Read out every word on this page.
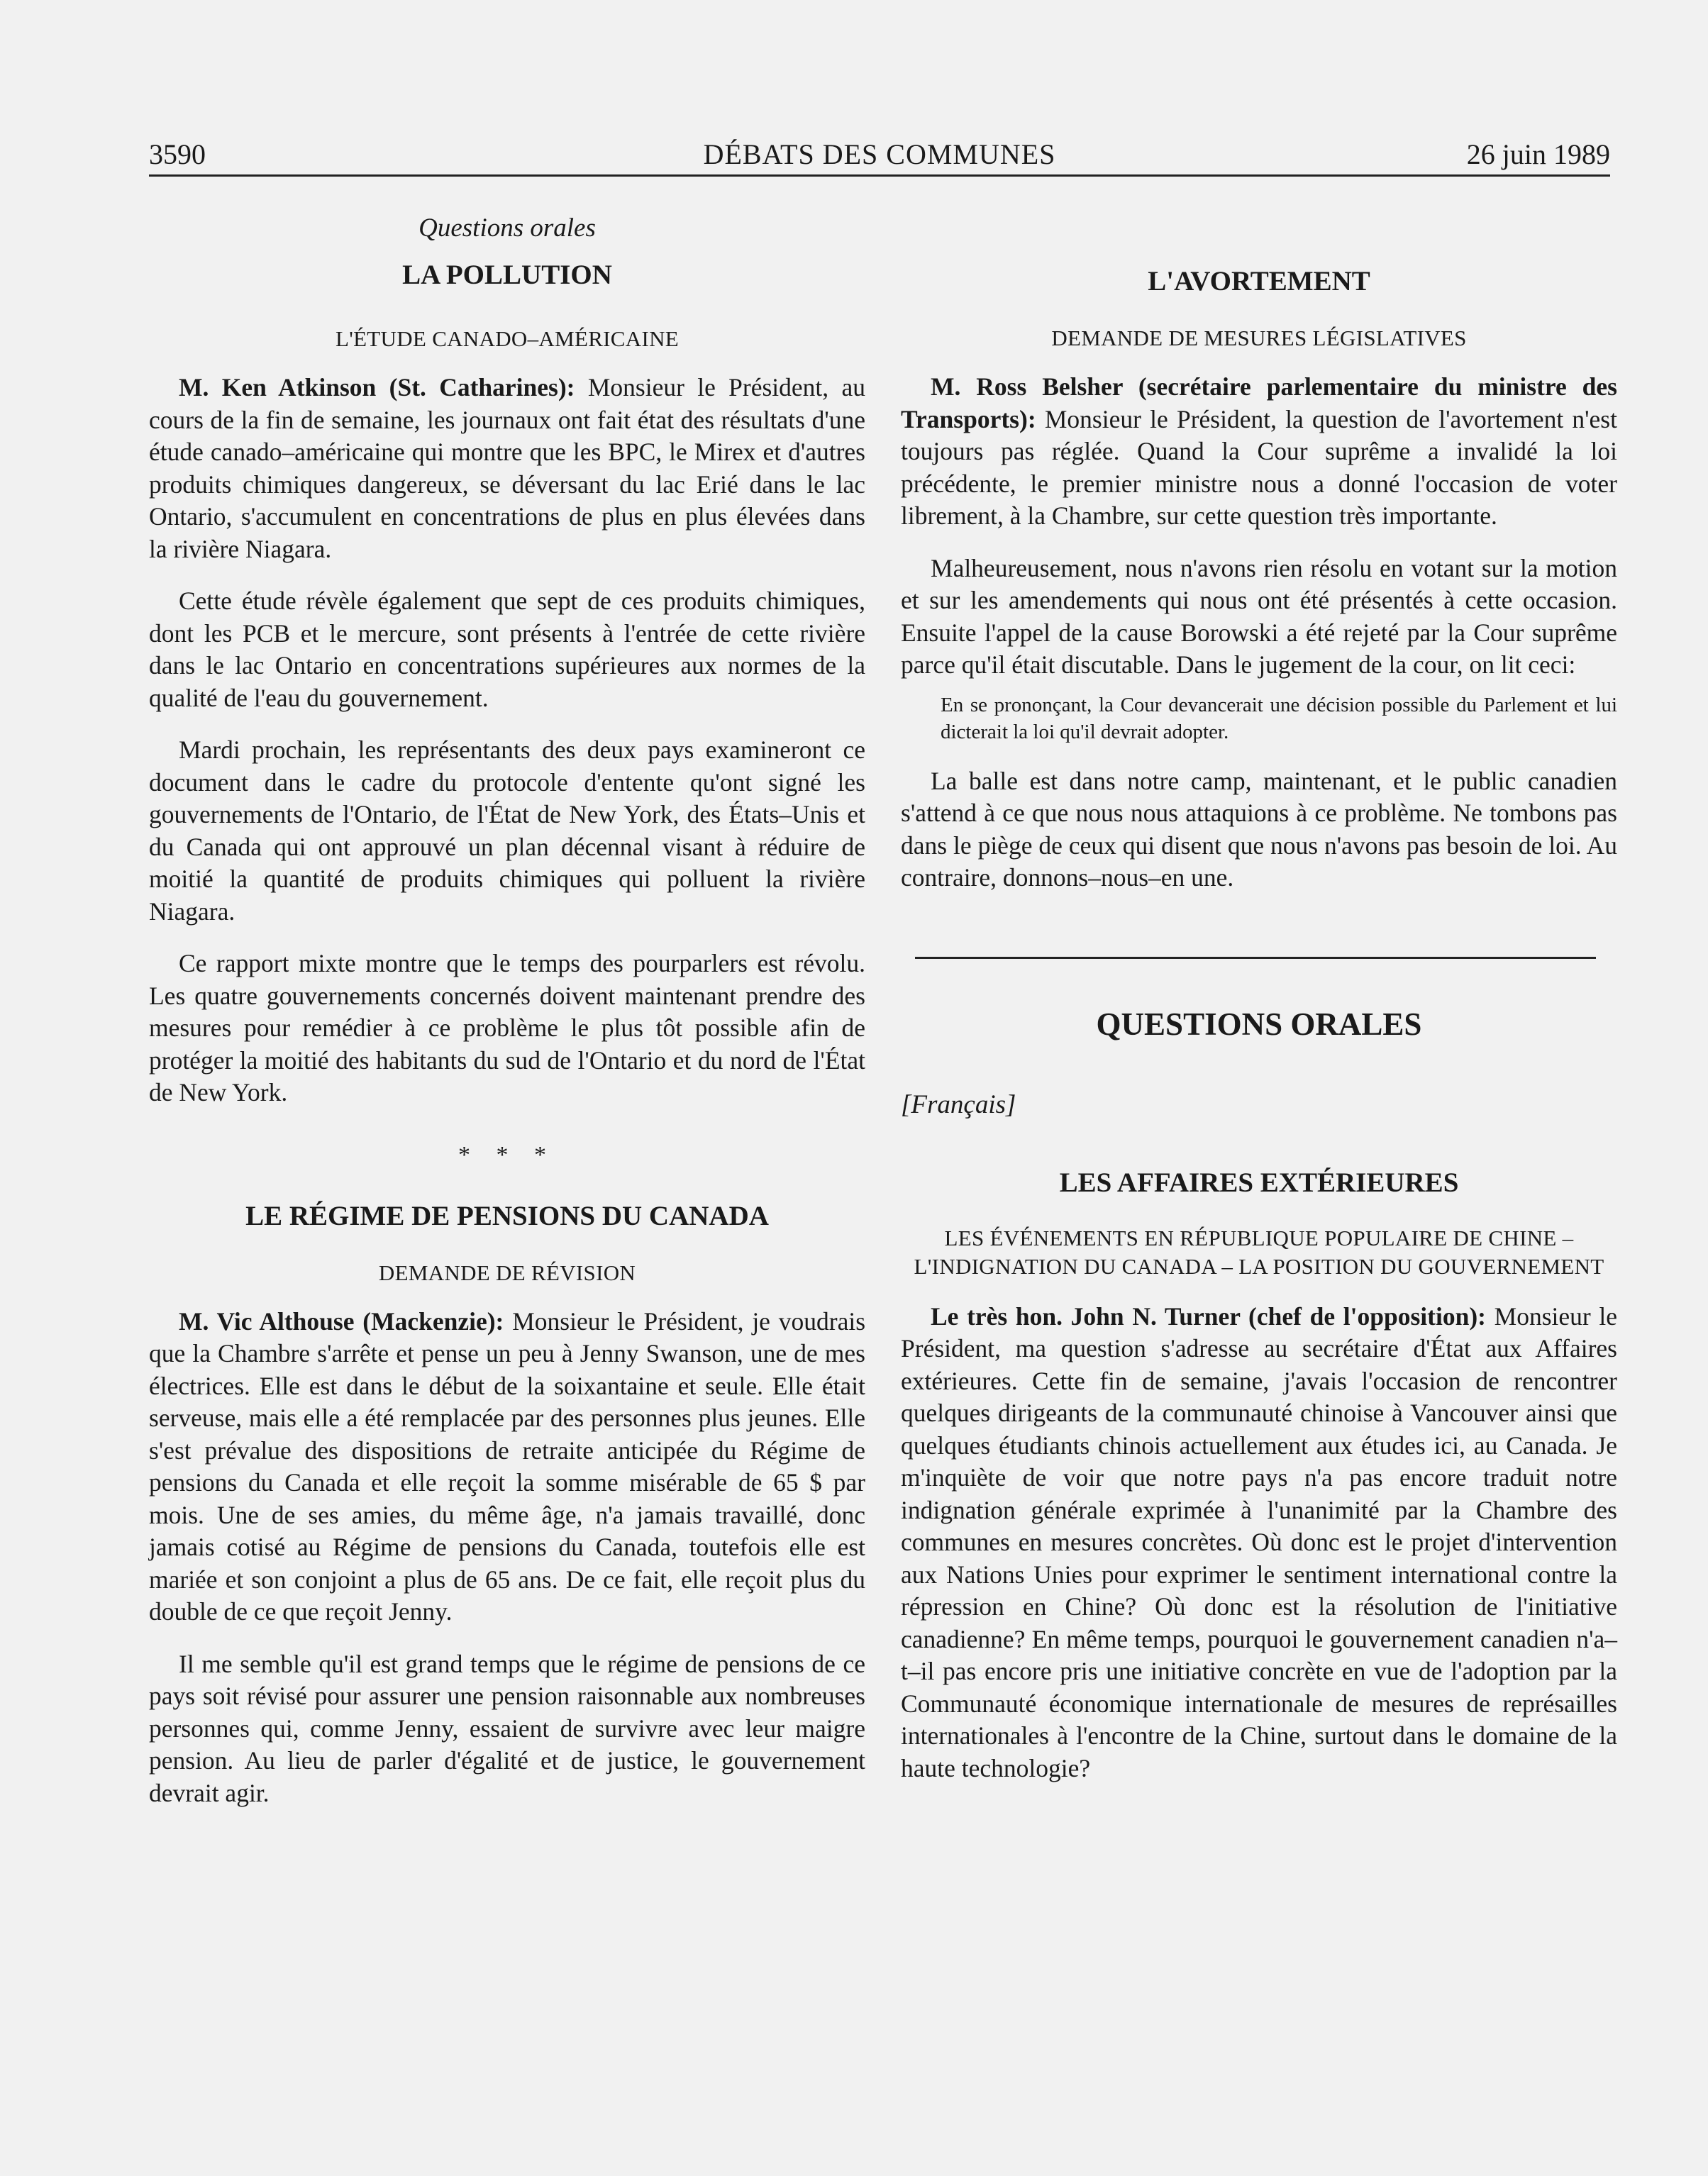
3590	DÉBATS DES COMMUNES	26 juin 1989
Questions orales
LA POLLUTION
L'ÉTUDE CANADO–AMÉRICAINE

M. Ken Atkinson (St. Catharines): Monsieur le Président, au cours de la fin de semaine, les journaux ont fait état des résultats d'une étude canado–américaine qui montre que les BPC, le Mirex et d'autres produits chimiques dangereux, se déversant du lac Erié dans le lac Ontario, s'accumulent en concentrations de plus en plus élevées dans la rivière Niagara.

Cette étude révèle également que sept de ces produits chimiques, dont les PCB et le mercure, sont présents à l'entrée de cette rivière dans le lac Ontario en concentrations supérieures aux normes de la qualité de l'eau du gouvernement.

Mardi prochain, les représentants des deux pays examineront ce document dans le cadre du protocole d'entente qu'ont signé les gouvernements de l'Ontario, de l'État de New York, des États–Unis et du Canada qui ont approuvé un plan décennal visant à réduire de moitié la quantité de produits chimiques qui polluent la rivière Niagara.

Ce rapport mixte montre que le temps des pourparlers est révolu. Les quatre gouvernements concernés doivent maintenant prendre des mesures pour remédier à ce problème le plus tôt possible afin de protéger la moitié des habitants du sud de l'Ontario et du nord de l'État de New York.

* * *
LE RÉGIME DE PENSIONS DU CANADA
DEMANDE DE RÉVISION

M. Vic Althouse (Mackenzie): Monsieur le Président, je voudrais que la Chambre s'arrête et pense un peu à Jenny Swanson, une de mes électrices. Elle est dans le début de la soixantaine et seule. Elle était serveuse, mais elle a été remplacée par des personnes plus jeunes. Elle s'est prévalue des dispositions de retraite anticipée du Régime de pensions du Canada et elle reçoit la somme misérable de 65 $ par mois. Une de ses amies, du même âge, n'a jamais travaillé, donc jamais cotisé au Régime de pensions du Canada, toutefois elle est mariée et son conjoint a plus de 65 ans. De ce fait, elle reçoit plus du double de ce que reçoit Jenny.

Il me semble qu'il est grand temps que le régime de pensions de ce pays soit révisé pour assurer une pension raisonnable aux nombreuses personnes qui, comme Jenny, essaient de survivre avec leur maigre pension. Au lieu de parler d'égalité et de justice, le gouvernement devrait agir.

L'AVORTEMENT
DEMANDE DE MESURES LÉGISLATIVES

M. Ross Belsher (secrétaire parlementaire du ministre des Transports): Monsieur le Président, la question de l'avortement n'est toujours pas réglée. Quand la Cour suprême a invalidé la loi précédente, le premier ministre nous a donné l'occasion de voter librement, à la Chambre, sur cette question très importante.

Malheureusement, nous n'avons rien résolu en votant sur la motion et sur les amendements qui nous ont été présentés à cette occasion. Ensuite l'appel de la cause Borowski a été rejeté par la Cour suprême parce qu'il était discutable. Dans le jugement de la cour, on lit ceci:

En se prononçant, la Cour devancerait une décision possible du Parlement et lui dicterait la loi qu'il devrait adopter.

La balle est dans notre camp, maintenant, et le public canadien s'attend à ce que nous nous attaquions à ce problème. Ne tombons pas dans le piège de ceux qui disent que nous n'avons pas besoin de loi. Au contraire, donnons–nous–en une.

QUESTIONS ORALES
[Français]
LES AFFAIRES EXTÉRIEURES
LES ÉVÉNEMENTS EN RÉPUBLIQUE POPULAIRE DE CHINE – L'INDIGNATION DU CANADA – LA POSITION DU GOUVERNEMENT

Le très hon. John N. Turner (chef de l'opposition): Monsieur le Président, ma question s'adresse au secrétaire d'État aux Affaires extérieures. Cette fin de semaine, j'avais l'occasion de rencontrer quelques dirigeants de la communauté chinoise à Vancouver ainsi que quelques étudiants chinois actuellement aux études ici, au Canada. Je m'inquiète de voir que notre pays n'a pas encore traduit notre indignation générale exprimée à l'unanimité par la Chambre des communes en mesures concrètes. Où donc est le projet d'intervention aux Nations Unies pour exprimer le sentiment international contre la répression en Chine? Où donc est la résolution de l'initiative canadienne? En même temps, pourquoi le gouvernement canadien n'a–t–il pas encore pris une initiative concrète en vue de l'adoption par la Communauté économique internationale de mesures de représailles internationales à l'encontre de la Chine, surtout dans le domaine de la haute technologie?
